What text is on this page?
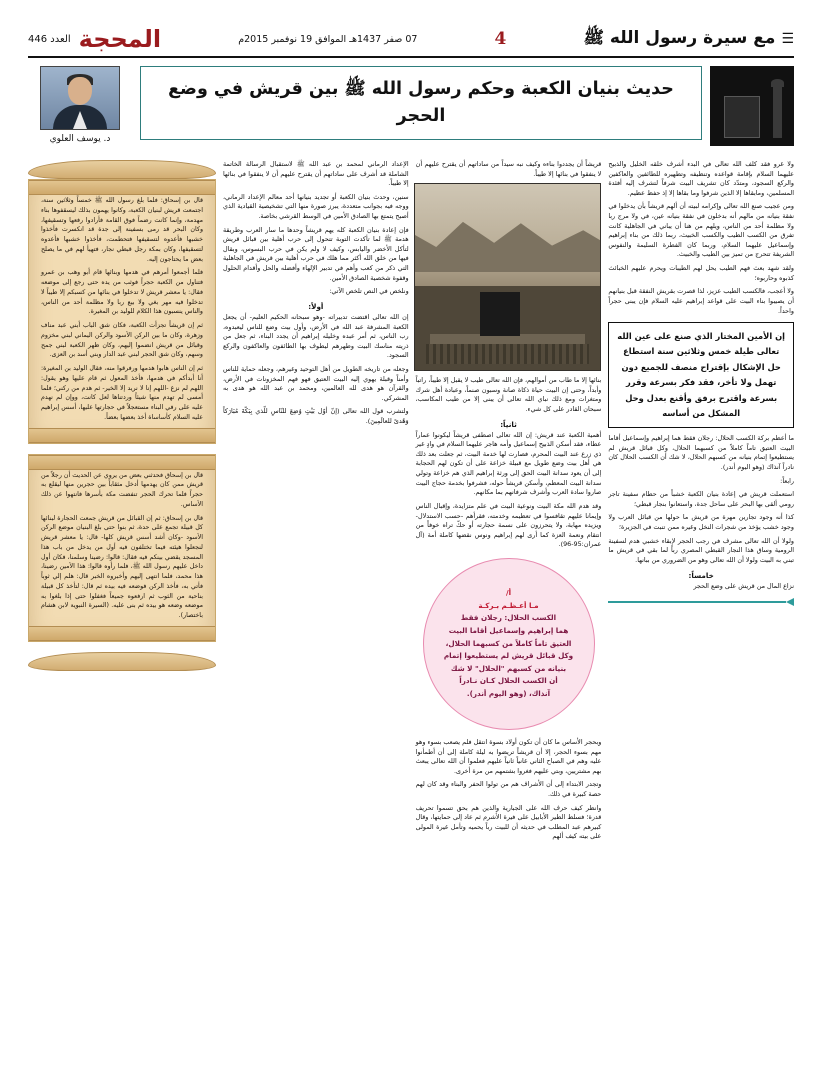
☰
مع سيرة رسول الله ﷺ
4
07 صفر 1437هـ الموافق 19 نوفمبر 2015م
المحجة
العدد 446
حديث بنيان الكعبة وحكم رسول الله ﷺ بين قريش في وضع الحجر
د. يوسف العلوي

ولا غرو فقد كلف الله تعالى في البدء أشرف خلقه الخليل والذبيح عليهما السلام بإقامة قواعده وتنظيفه وتطهيره للطائفين والعاكفين والركع السجود، ومتدّد كان تشريف البيت شرفاً لتشرف إليه أفئدة المسلمين، ومابقاها إلا الذين شرفوا وما بقاها إلا إذ حفظ عظيم.

ومن عجيب صنع الله تعالى وإكرامه لبيته أن ألهم قريشاً بأن يدخلوا في نفقة بنيانه من مالهم أنه بدخلون في نفقة بنيانه عين، في ولا مرج ربا ولا مظلمة أحد من الناس، ويلهم من هنا أن يباني في الجاهلية كانت تفرق من الكسب الطيب والكسب الخبيث، ربما ذلك من بناء إبراهيم وإسماعيل عليهما السلام، وربما كان الفطرة السليمة والنفوس الشريفة تتحرج من تميز بين الطيب والخبيث.

ولقد شهد بعث فهم الطيب يحل لهم الطيبات ويحرم عليهم الخبائث كذبوه وحاربوه؛

ولا أعجب، فالكسب الطيب عزيز، لذا قصرت بقريش النفقة قبل بنيانهم أن يصيبوا بناء البيت على قواعد إبراهيم عليه السلام فإن يبنى حجراً واحداً.

إن الأمين المختار الذي صنع على عين الله تعالى طيلة خمس وثلاثين سنة استطاع حل الإشكال بإقتراح منصف للجميع دون تهمل ولا تأخر، فقد فكر بسرعة وقرر بسرعة واقترح برفق وأقنع بعدل وحل المشكل من أساسه

ما أعظم بركة الكسب الحلال: رجلان فقط هما إبراهيم وإسماعيل أقاما البيت العتيق تاماً كاملاً من كسبهما الحلال، وكل قبائل قريش لم يستطيعوا إتمام بنيانه من كسبهم الحلال، لا شك أن الكسب الحلال كان نادراً آنذاك (وهو اليوم أندر).

رابعاً:

استعملت قريش في إعادة بنيان الكعبة خشباً من حطام سفينة تاجر رومي ألقى بها البحر على ساحل جدة، واستعانوا بنجار قبطي؛

كذا أنه وجود تجارين مهرة من قريش ما حولها من قبائل العرب ولا وجود خشب يؤخذ من شجرات النخل وغيره ممن تنبت في الجزيرة؛

ولولا أن الله تعالى مشرف في رجب الحجر لإبقاء خشبي هدم لسفينة الرومية وساق هذا النجار القبطي المصري رباً لما بقي في قريش ما تبني به البيت ولولا أن الله تعالى وهو من الضروري من ببانها.

خامساً:

نزاع المال من قريش على وضع الحجر

قريشاً أن يجددوا بناءه وكيف نبه سيداً من ساداتهم أن يقترح عليهم أن لا ينفقوا في بنائها إلا طيباً.

بنائها إلا ما طاب من أموالهم، فإن الله تعالى طيب لا يقبل إلا طيباً، راتباً وأبداً، وحتى إن البيت حياة ذكاة صانة وسبون صنماً، وعبادة أهل شرك ومتغرات ومع ذلك نباي الله تعالى أن يبنى إلا من طيب المكاسب، سبحان القادر على كل شيء.

ثانياً:

أهمية الكعبة عند قريش: إن الله تعالى اصطفى قريشاً ليكونوا عماراً عطاء، فقد أسكن الذبيح إسماعيل وأمه هاجر عليهما السلام في وادٍ غير ذي زرع عند البيت المحرم، فصارت لها خدمة البيت، ثم جعلت بعد ذلك هي أهل بيت وضع طويل مع قبيلة خزاعة على أن تكون لهم الحجابة إلى أن يعود سدانة البيت الحق إلى ورثة إبراهيم الذي هم خزاعة وتولي سدانة البيت المعظم، وأسكن قريشاً حوله، فشرفوا بخدمة حجاج البيت صاروا سادة العرب وأشرف شرفانهم بما مكانهم.

وقد هدم الله مكة البيت ونوعية البيت في علم متزايدة، وإقبال الناس وإيمانا عليهم تقافسوا في تعظيمه وخدمته، فقرأهم -حسب الاستدلال- ويزيده مهابة، ولا يتحرزون على نسمة حجارته أو حكّ تراه خوفاً من انتقام ونعمة العزة كما أرى لهم إبراهيم ونوس نقضها كاملة أمة (آل عمران:95-96).

أ/
مـا أعـظـم بـركـة
الكسب الحلال: رجلان فقط
هما إبراهيم وإسماعيل أقاما البيت
العتيق تاماً كاملاً من كسبهما الحلال،
وكل قبائل قريش لم يستطيعوا إتمام
بنيانه من كسبهم "الحلال" لا شك
أن الكسب الحلال كـان نـادراً
آنذاك، (وهو اليوم أندر).

وبحجر الأساس ما كان أن تكون أولاد بسوة انتقل فلم يصعب بسوء وهو مهم بسوء الحجر، إلا أن قريشاً تريضوا به ليلة كاملة إلى أن أطمأنوا عليه وهم في الصباح الثاني غانياً ثانياً عليهم فعلموا أن الله تعالى يبعث بهم مشتريين، وبتي عليهم فغروا بشتمهم من مرة أخرى.

وتجدر الابتداء إلى أن الأشراف هم من تولوا الحفر والبناء وقد كان لهم حصة كبيرة في ذلك.

وانظر كيف حرف الله على الجبارية والذين هم بحق تسموا تحريف قدرة؛ فسلط الطير الأبابيل على فيرة الأشرم ثم عاد إلى حمايتها، وقال كبيرهم عبد المطلب في حديثه أن للبيت رباً يحميه وتأمل غيرة المولى على بيته كيف ألهم

الإعداد الرماني لمحمد بن عبد الله ﷺ لاستقبال الرسالة الخاتمة الشاملة قد أشرف على ساداتهم أن يقترح عليهم أن لا ينفقوا في بنائها إلا طيباً.

سنين، وحدث بنيان الكعبة أو تجديد بنيانها أحد معالم الإعداد الرماني، ووجه فيه بجوانب متعددة، يبرز صورة منها التي تشخيصية القيادية الذي أصبح يتمتع بها الصادق الأمين في الوسط القرشي بخاصة.

فإن إعادة بنيان الكعبة كله يهم قريشاً وحدها ما سار العرب وطريقة هدمة ﷺ لما تأكدت التوبة تتحول إلى حرب أهلية بين قبائل قريش لتأكل الأخضر واليابس، وكيف لا ولم يكن في حرب البسوس، وبقال فيها من خلق الله أكثر مما هلك في حرب أهلية بين قريش في الجاهلية التي ذكر من كعب وأهم في تدبير الإلهاء وأفضله والحل وأقدام الحلول وقفوة شخصية الصادق الأمين.

ونلخص في النص تلخص الآتي:

أولاً:

إن الله تعالى اقتضت تدبيراته -وهو سبحانه الحكيم العليم- أن يجعل الكعبة المشرفة عبد الله في الأرض، وأول بيت وضع للناس ليعبدوه، رب الناس، ثم أمر عبده وخليله إبراهيم أن يجدد البناء، ثم جعل من ذريته مناسك البيت وطهرهم ليطوف بها الطائفون والعاكفون والركع السجود.

وجعله من تاريخه الطويل من أهل التوحيد وغيرهم، وجعله حماية للناس وأمناً وقبلة يهوي إليه البيت العتيق فهو فهم المخزونات في الأرض، والقرآن هو هدى لله العالمين، ومحمد بن عبد الله هو هدى به المشركي.

ولتشرب قول الله تعالى (إنّ أوّل بَيْتٍ وُضِعَ للنّاسِ للّذي بِبَكّةَ مُبَارَكاً وَهُدىً للعالَمِينَ).

قال بن إسحاق: فلما بلغ رسول الله ﷺ خمساً وثلاثين سنة، اجتمعت قريش لبنيان الكعبة، وكانوا يهمون بذلك ليسقفوها بناء مهدمة، وإنما كانت رضماً فوق القامة فأرادوا رفعها وتسقيفها، وكان البحر قد رمى بسفينة إلى جدة قد انكسرت فأخذوا خشبها فأعدوه لتسقيفها فتحطمت، فأخذوا خشبها فأعدوه لتسقيفها، وكان بمكة رجل قبطي نجار، فتهيأ لهم في ما يصلح بعض ما يحتاجون إليه.

فلما أجمعوا أمرهم في هدمها وبنائها قام أبو وهب بن عمرو فتناول من الكعبة حجراً فوثب من يده حتى رجع إلى موضعه فقال: يا معشر قريش لا تدخلوا في بنائها من كسبكم إلا طيباً لا تدخلوا فيه مهر بغي ولا بيع ربا ولا مظلمة أحد من الناس، والناس ينسبون هذا الكلام للوليد بن المغيرة.

ثم إن قريشاً تجزأت الكعبة، فكان شق الباب أبني عبد مناف وزهرة، وكان ما بين الركن الأسود والركن اليماني لبني مخزوم وقبائل من قريش انضموا إليهم، وكان ظهر الكعبة لبني جمح وسهم، وكان شق الحجر لبني عبد الدار وبني أسد بن العزى.

ثم إن الناس هابوا هدمها ورفرقوا منه، فقال الوليد بن المغيرة: أنا أبدأكم في هدمها، فأخذ المعول ثم قام عليها وهو يقول: اللهم لم نزغ -اللهم إنا لا نريد إلا الخير- ثم هدم من ركني؛ فلما أمسى لم تهدم منها شيئاً وردتناها لعل كانت، ووإن لم نهدم عليه على رفي البناء مستعجلاً في حجارتها عليها، أسس إبراهيم عليه السلام كأساساة أخذ بعضها بعضاً.

قال بن إسحاق فحدثني بعض من يروي عن الحديث أن رجلاً من قريش ممن كان يهدمها أدخل مثقاباً بين حجرين منها ليقلع به حجراً فلما تحرك الحجر تنفضت مكة بأسرها فانتهوا عن ذلك الأساس.

قال بن إسحاق: ثم إن القبائل من قريش جمعت الحجارة لبنائها كل قبيلة تجمع على حدة، ثم بنوا حتى بلغ البنيان موضع الركن الأسود -وكان أشد أسس قريش كلها- قال: يا معشر قريش لنجعلوا هيئته فيما تختلفون فيه أول من يدخل من باب هذا المسجد يقضي بينكم فيه فقال: قالوا: رضينا وسلمنا، فكان أول داخل عليهم رسول الله ﷺ، فلما رأوه قالوا: هذا الأمين رضينا، هذا محمد، فلما انتهى إليهم وأخبروه الخبر قال: هلم إلي ثوباً فأتي به، فأخذ الركن فوضعه فيه بيده ثم قال: لتأخذ كل قبيلة بناحية من الثوب ثم ارفعوه جميعاً فغفلوا حتى إذا بلغوا به موضعه وضعه هو بيده ثم بنى عليه. (السيرة النبوية لابن هشام باختصار).
